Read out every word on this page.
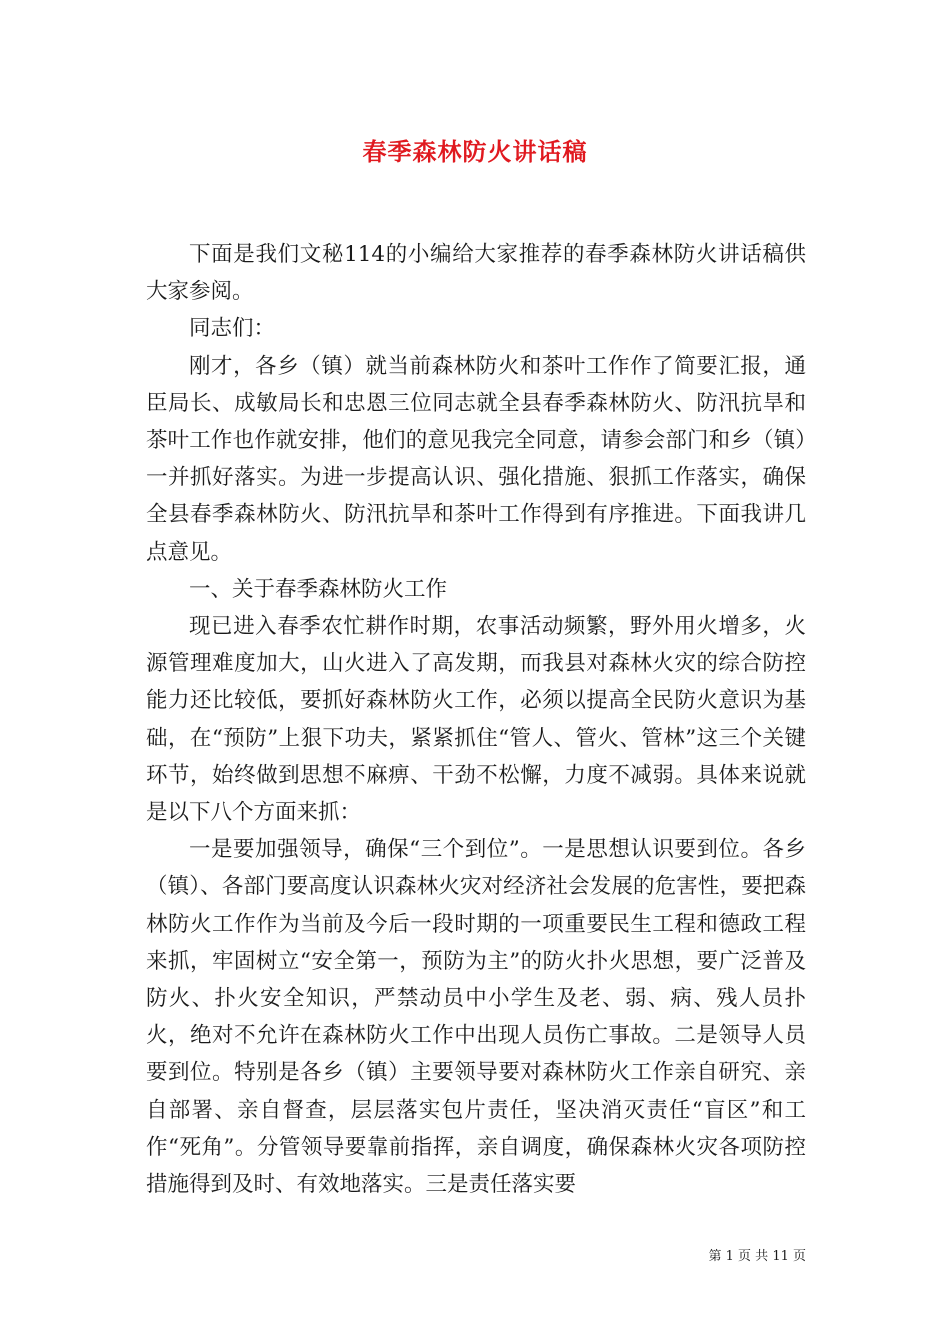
春季森林防火讲话稿

下面是我们文秘114的小编给大家推荐的春季森林防火讲话稿供大家参阅。

同志们：

刚才，各乡（镇）就当前森林防火和茶叶工作作了简要汇报，通臣局长、成敏局长和忠恩三位同志就全县春季森林防火、防汛抗旱和茶叶工作也作就安排，他们的意见我完全同意，请参会部门和乡（镇）一并抓好落实。为进一步提高认识、强化措施、狠抓工作落实，确保全县春季森林防火、防汛抗旱和茶叶工作得到有序推进。下面我讲几点意见。

一、关于春季森林防火工作

现已进入春季农忙耕作时期，农事活动频繁，野外用火增多，火源管理难度加大，山火进入了高发期，而我县对森林火灾的综合防控能力还比较低，要抓好森林防火工作，必须以提高全民防火意识为基础，在“预防”上狠下功夫，紧紧抓住“管人、管火、管林”这三个关键环节，始终做到思想不麻痹、干劲不松懈，力度不减弱。具体来说就是以下八个方面来抓：

一是要加强领导，确保“三个到位”。一是思想认识要到位。各乡（镇）、各部门要高度认识森林火灾对经济社会发展的危害性，要把森林防火工作作为当前及今后一段时期的一项重要民生工程和德政工程来抓，牢固树立“安全第一，预防为主”的防火扑火思想，要广泛普及防火、扑火安全知识，严禁动员中小学生及老、弱、病、残人员扑火，绝对不允许在森林防火工作中出现人员伤亡事故。二是领导人员要到位。特别是各乡（镇）主要领导要对森林防火工作亲自研究、亲自部署、亲自督查，层层落实包片责任，坚决消灭责任“盲区”和工作“死角”。分管领导要靠前指挥，亲自调度，确保森林火灾各项防控措施得到及时、有效地落实。三是责任落实要

第 1 页 共 11 页
